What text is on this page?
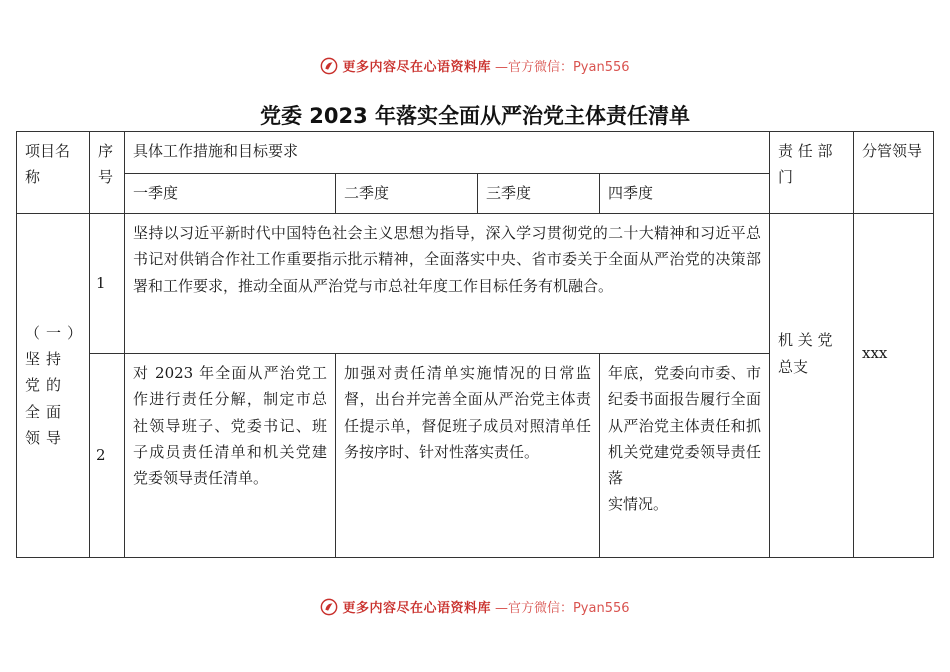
更多内容尽在心语资料库 —官方微信：Pyan556
党委 2023 年落实全面从严治党主体责任清单
项目名称	序号	具体工作措施和目标要求				责 任 部门	分管领导
		一季度	二季度	三季度	四季度		
（一）坚持党的全面领导	1	坚持以习近平新时代中国特色社会主义思想为指导，深入学习贯彻党的二十大精神和习近平总书记对供销合作社工作重要指示批示精神，全面落实中央、省市委关于全面从严治党的决策部署和工作要求，推动全面从严治党与市总社年度工作目标任务有机融合。				机 关 党总支	xxx
	2	对 2023 年全面从严治党工作进行责任分解，制定市总社领导班子、党委书记、班子成员责任清单和机关党建党委领导责任清单。	加强对责任清单实施情况的日常监督，出台并完善全面从严治党主体责任提示单，督促班子成员对照清单任务按序时、针对性落实责任。		年底，党委向市委、市纪委书面报告履行全面从严治党主体责任和抓机关党建党委领导责任落
实情况。		
更多内容尽在心语资料库 —官方微信：Pyan556
